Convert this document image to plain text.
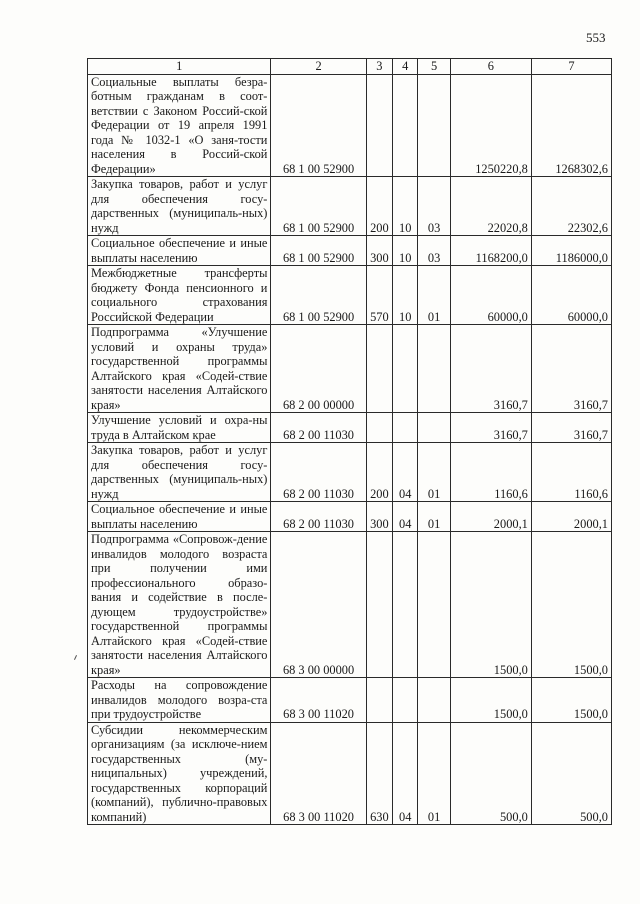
553
1	2	3	4	5	6	7
Социальные выплаты безра-ботным гражданам в соот-ветствии с Законом Россий-ской Федерации от 19 апреля 1991 года № 1032-1 «О заня-тости населения в Россий-ской Федерации»	68 1 00 52900				1250220,8	1268302,6
Закупка товаров, работ и услуг для обеспечения госу-дарственных (муниципаль-ных) нужд	68 1 00 52900	200	10	03	22020,8	22302,6
Социальное обеспечение и иные выплаты населению	68 1 00 52900	300	10	03	1168200,0	1186000,0
Межбюджетные трансферты бюджету Фонда пенсионного и социального страхования Российской Федерации	68 1 00 52900	570	10	01	60000,0	60000,0
Подпрограмма «Улучшение условий и охраны труда» государственной программы Алтайского края «Содей-ствие занятости населения Алтайского края»	68 2 00 00000				3160,7	3160,7
Улучшение условий и охра-ны труда в Алтайском крае	68 2 00 11030				3160,7	3160,7
Закупка товаров, работ и услуг для обеспечения госу-дарственных (муниципаль-ных) нужд	68 2 00 11030	200	04	01	1160,6	1160,6
Социальное обеспечение и иные выплаты населению	68 2 00 11030	300	04	01	2000,1	2000,1
Подпрограмма «Сопровож-дение инвалидов молодого возраста при получении ими профессионального образо-вания и содействие в после-дующем трудоустройстве» государственной программы Алтайского края «Содей-ствие занятости населения Алтайского края»	68 3 00 00000				1500,0	1500,0
Расходы на сопровождение инвалидов молодого возра-ста при трудоустройстве	68 3 00 11020				1500,0	1500,0
Субсидии некоммерческим организациям (за исключе-нием государственных (му-ниципальных) учреждений, государственных корпораций (компаний), публично-правовых компаний)	68 3 00 11020	630	04	01	500,0	500,0
